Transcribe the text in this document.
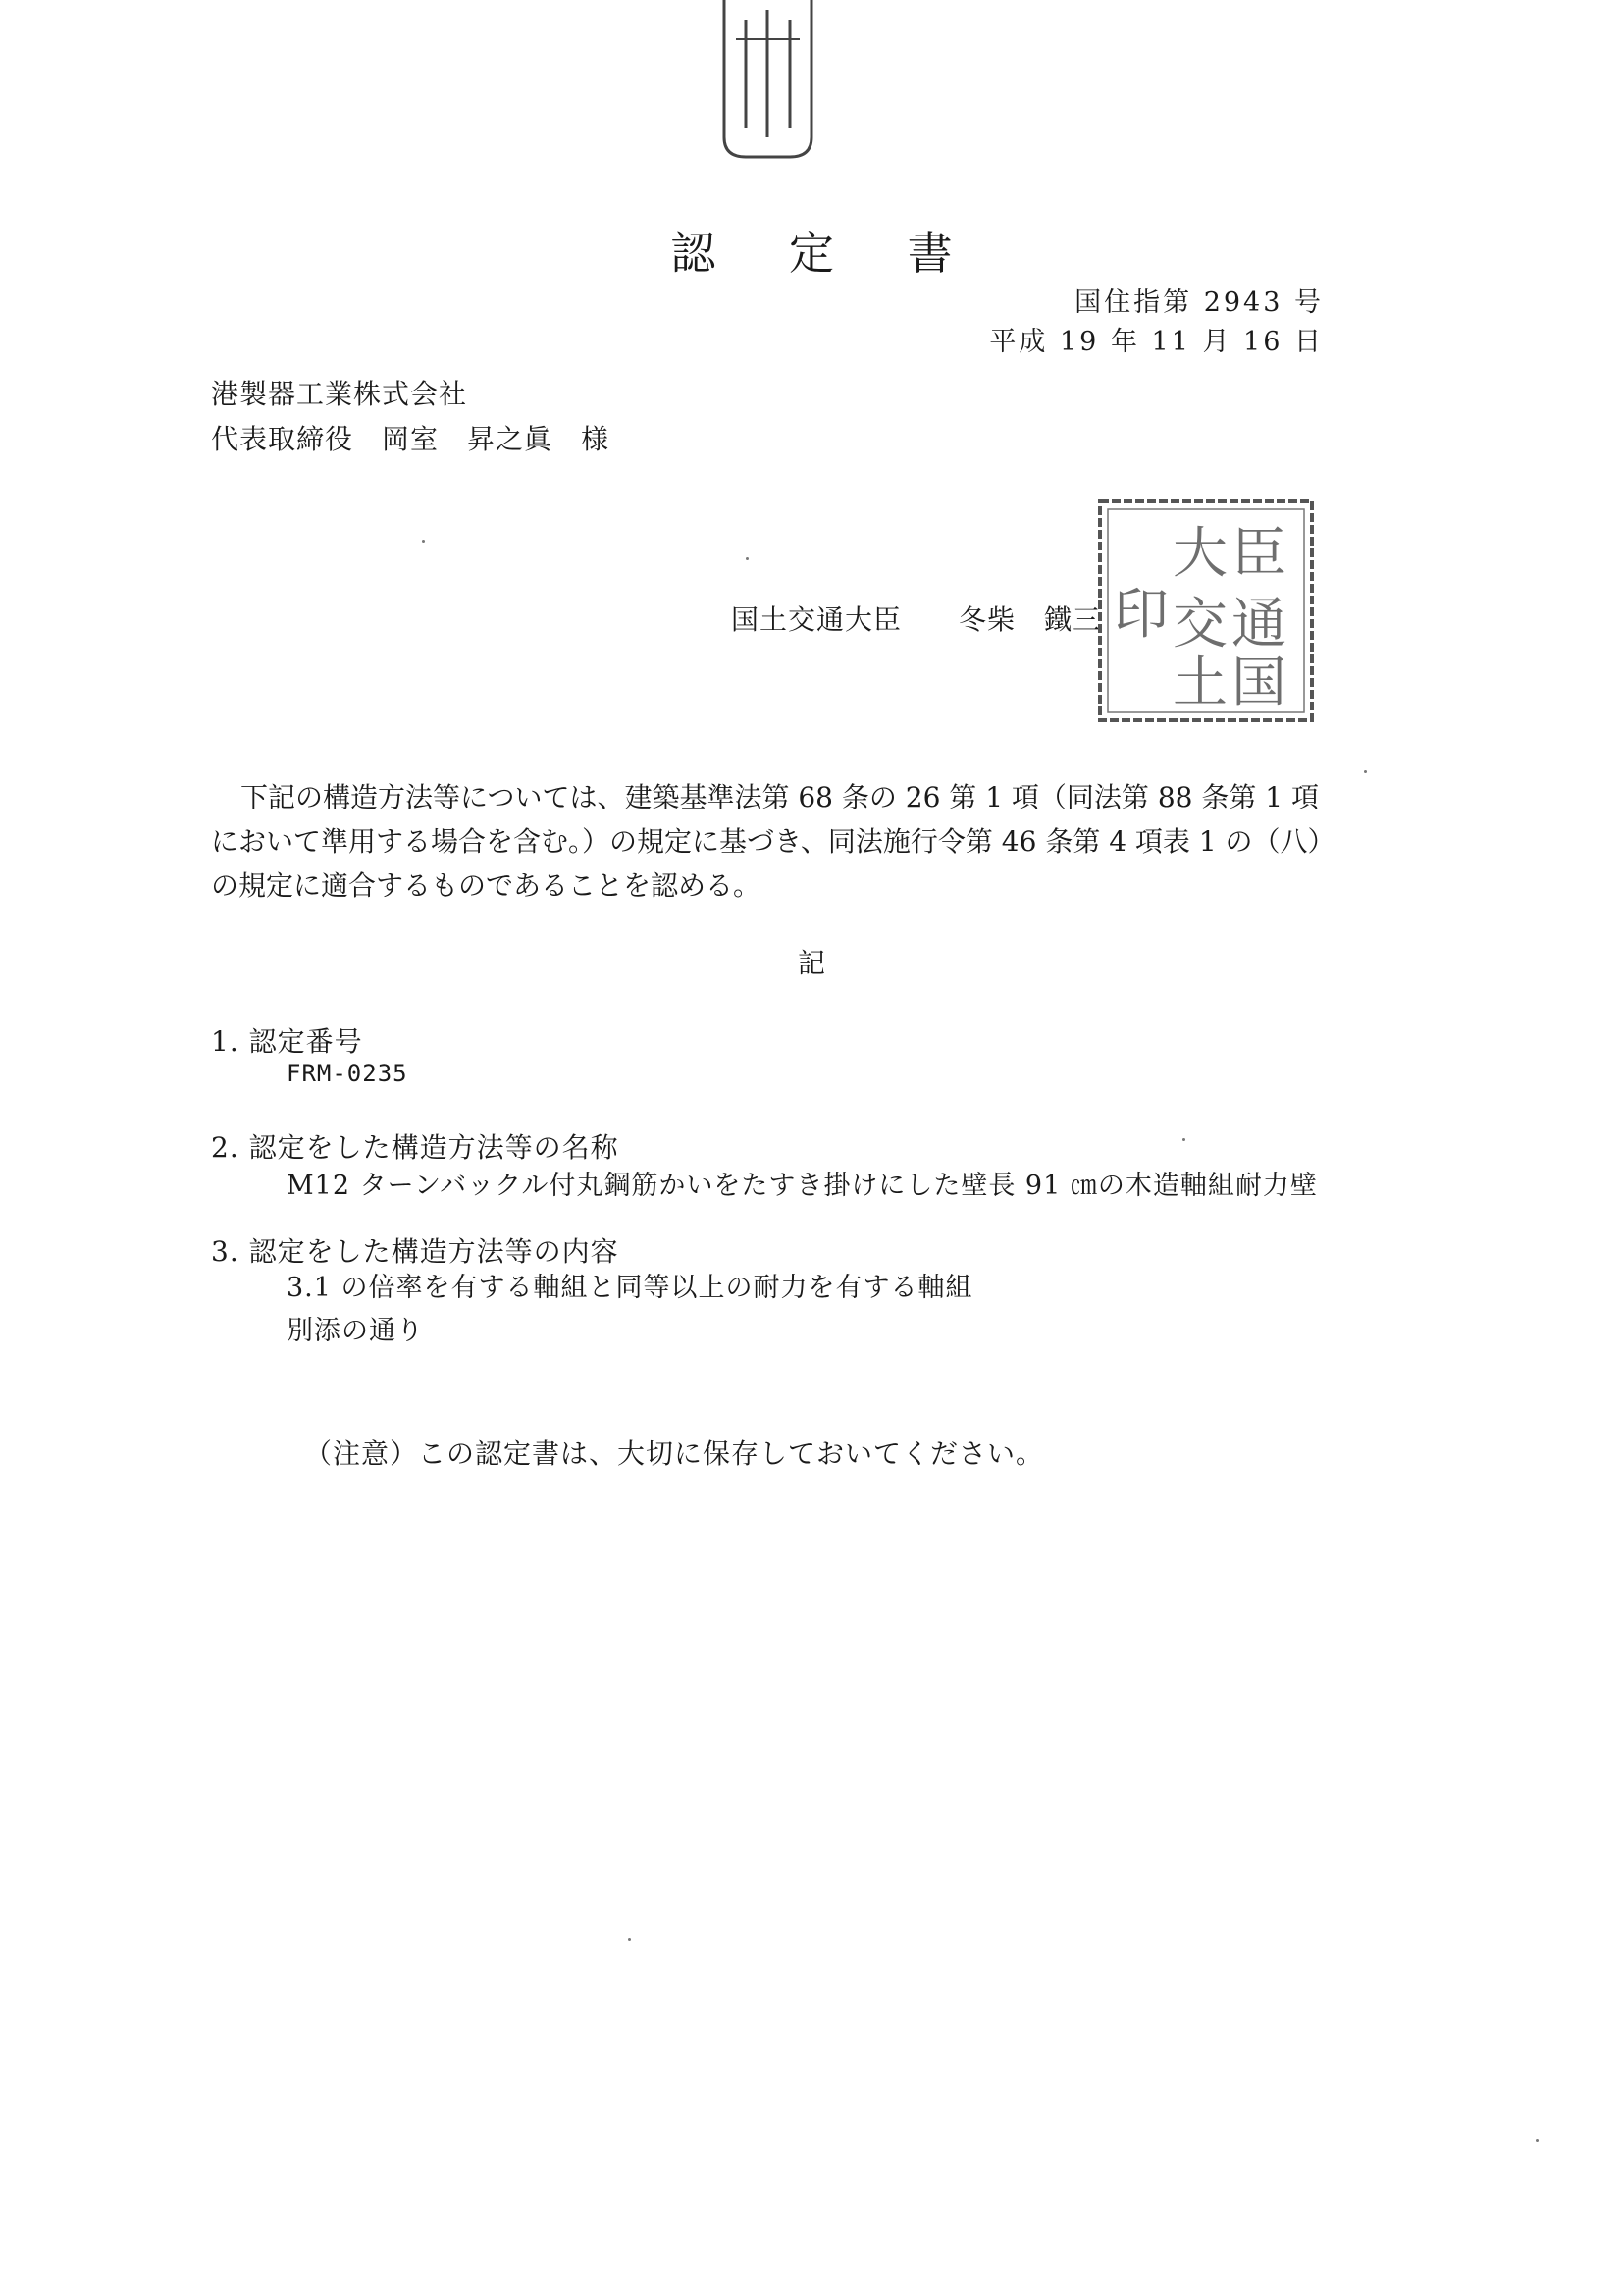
認 定 書
国住指第 2943 号
平成 19 年 11 月 16 日
港製器工業株式会社
代表取締役　岡室　昇之眞　様
国土交通大臣　　冬柴　鐵三
臣
通
国
大
交
土
印

下記の構造方法等については、建築基準法第 68 条の 26 第 1 項（同法第 88 条第 1 項

において準用する場合を含む。）の規定に基づき、同法施行令第 46 条第 4 項表 1 の（八）

の規定に適合するものであることを認める。

記
1. 認定番号
FRM-0235
2. 認定をした構造方法等の名称
M12 ターンバックル付丸鋼筋かいをたすき掛けにした壁長 91 ㎝の木造軸組耐力壁
3. 認定をした構造方法等の内容
3.1 の倍率を有する軸組と同等以上の耐力を有する軸組
別添の通り
（注意）この認定書は、大切に保存しておいてください。
